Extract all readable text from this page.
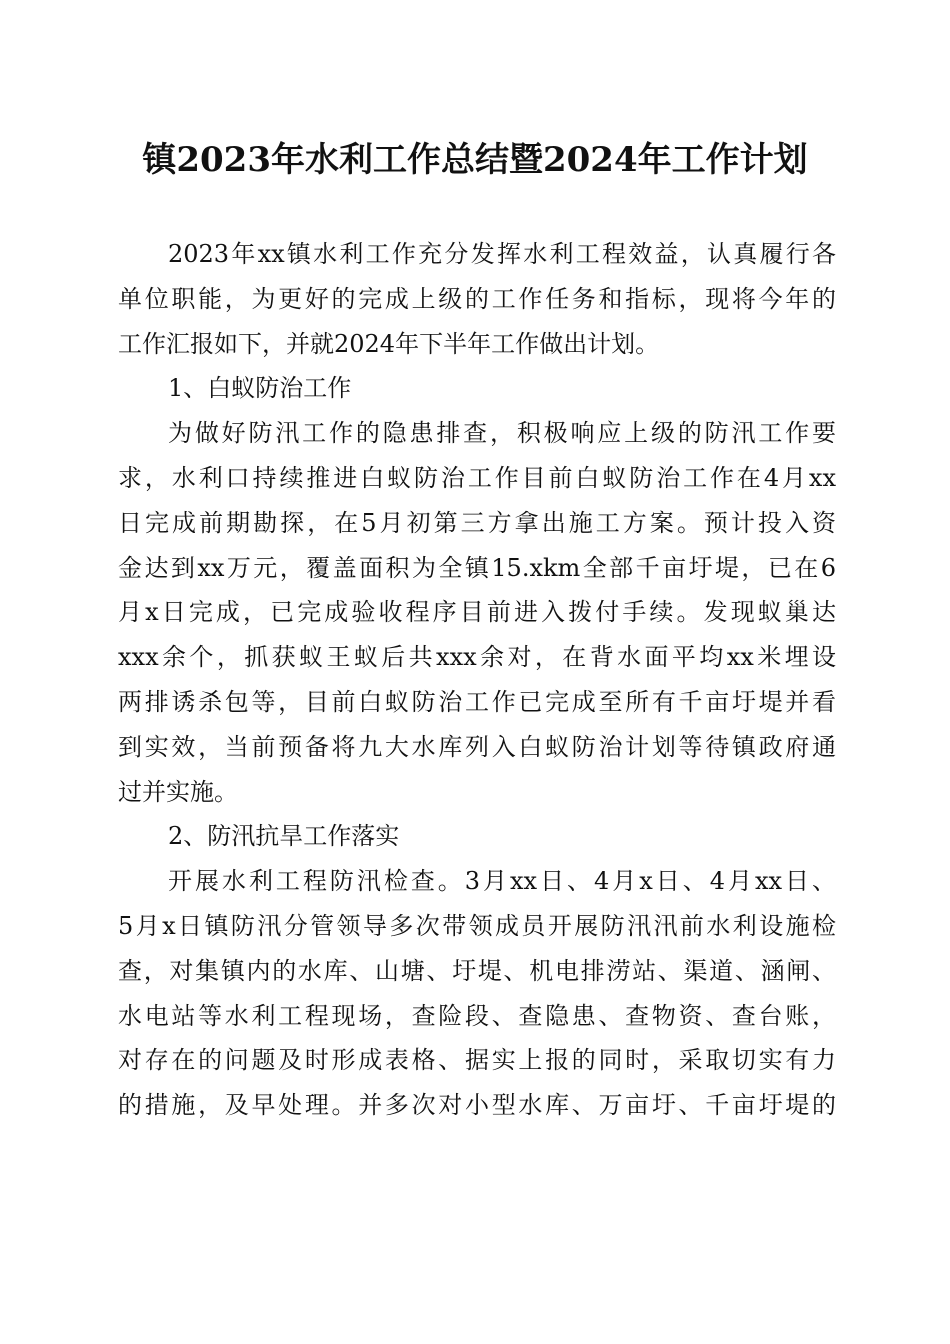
镇2023年水利工作总结暨2024年工作计划
2023年xx镇水利工作充分发挥水利工程效益，认真履行各
单位职能，为更好的完成上级的工作任务和指标，现将今年的
工作汇报如下，并就2024年下半年工作做出计划。
1、白蚁防治工作
为做好防汛工作的隐患排查，积极响应上级的防汛工作要
求，水利口持续推进白蚁防治工作目前白蚁防治工作在4月xx
日完成前期勘探，在5月初第三方拿出施工方案。预计投入资
金达到xx万元，覆盖面积为全镇15.xkm全部千亩圩堤，已在6
月x日完成，已完成验收程序目前进入拨付手续。发现蚁巢达
xxx余个，抓获蚁王蚁后共xxx余对，在背水面平均xx米埋设
两排诱杀包等，目前白蚁防治工作已完成至所有千亩圩堤并看
到实效，当前预备将九大水库列入白蚁防治计划等待镇政府通
过并实施。
2、防汛抗旱工作落实
开展水利工程防汛检查。3月xx日、4月x日、4月xx日、
5月x日镇防汛分管领导多次带领成员开展防汛汛前水利设施检
查，对集镇内的水库、山塘、圩堤、机电排涝站、渠道、涵闸、
水电站等水利工程现场，查险段、查隐患、查物资、查台账，
对存在的问题及时形成表格、据实上报的同时，采取切实有力
的措施，及早处理。并多次对小型水库、万亩圩、千亩圩堤的
